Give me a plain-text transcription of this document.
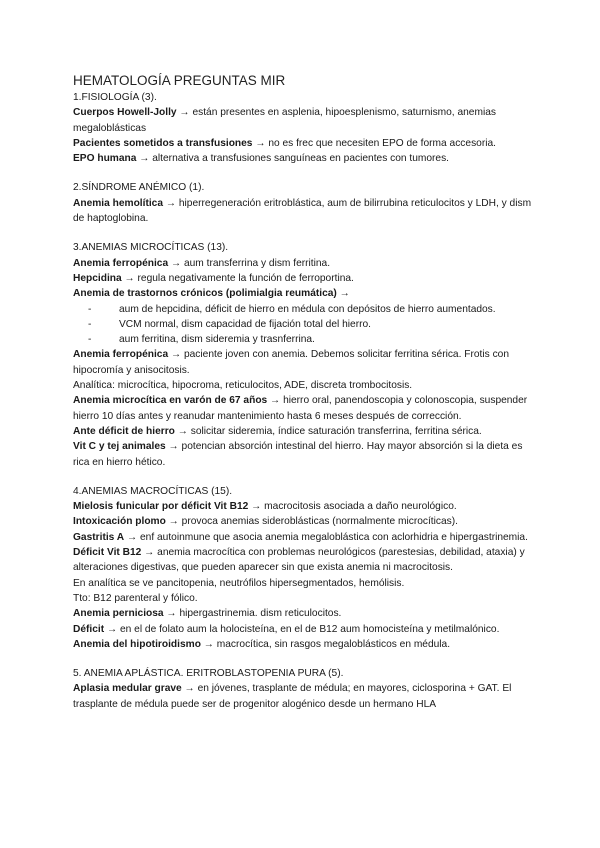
HEMATOLOGÍA PREGUNTAS MIR
1.FISIOLOGÍA (3).
Cuerpos Howell-Jolly → están presentes en asplenia, hipoesplenismo, saturnismo, anemias megaloblásticas
Pacientes sometidos a transfusiones → no es frec que necesiten EPO de forma accesoria.
EPO humana → alternativa a transfusiones sanguíneas en pacientes con tumores.
2.SÍNDROME ANÉMICO (1).
Anemia hemolítica → hiperregeneración eritroblástica, aum de bilirrubina reticulocitos y LDH, y dism de haptoglobina.
3.ANEMIAS MICROCÍTICAS (13).
Anemia ferropénica → aum transferrina y dism ferritina.
Hepcidina → regula negativamente la función de ferroportina.
Anemia de trastornos crónicos (polimialgia reumática) →
- aum de hepcidina, déficit de hierro en médula con depósitos de hierro aumentados.
- VCM normal, dism capacidad de fijación total del hierro.
- aum ferritina, dism sideremia y trasnferrina.
Anemia ferropénica → paciente joven con anemia. Debemos solicitar ferritina sérica. Frotis con hipocromía y anisocitosis.
Analítica: microcítica, hipocroma, reticulocitos, ADE, discreta trombocitosis.
Anemia microcítica en varón de 67 años → hierro oral, panendoscopia y colonoscopia, suspender hierro 10 días antes y reanudar mantenimiento hasta 6 meses después de corrección.
Ante déficit de hierro → solicitar sideremia, índice saturación transferrina, ferritina sérica.
Vit C y tej animales → potencian absorción intestinal del hierro. Hay mayor absorción si la dieta es rica en hierro hético.
4.ANEMIAS MACROCÍTICAS (15).
Mielosis funicular por déficit Vit B12 → macrocitosis asociada a daño neurológico.
Intoxicación plomo → provoca anemias sideroblásticas (normalmente microcíticas).
Gastritis A → enf autoinmune que asocia anemia megaloblástica con aclorhidria e hipergastrinemia.
Déficit Vit B12 → anemia macrocítica con problemas neurológicos (parestesias, debilidad, ataxia) y alteraciones digestivas, que pueden aparecer sin que exista anemia ni macrocitosis.
En analítica se ve pancitopenia, neutrófilos hipersegmentados, hemólisis.
Tto: B12 parenteral y fólico.
Anemia perniciosa → hipergastrinemia. dism reticulocitos.
Déficit → en el de folato aum la holocisteína, en el de B12 aum homocisteína y metilmalónico.
Anemia del hipotiroidismo → macrocítica, sin rasgos megaloblásticos en médula.
5. ANEMIA APLÁSTICA. ERITROBLASTOPENIA PURA (5).
Aplasia medular grave → en jóvenes, trasplante de médula; en mayores, ciclosporina + GAT. El trasplante de médula puede ser de progenitor alogénico desde un hermano HLA
